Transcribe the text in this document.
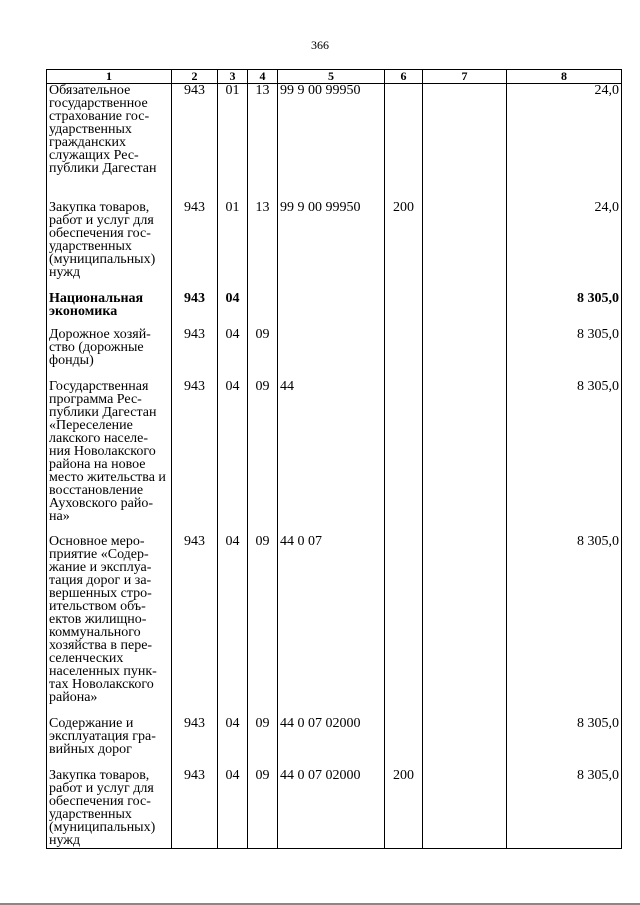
366
1	2	3	4	5	6	7	8
Обязательное государственное страхование гос-ударственных гражданских служащих Рес-публики Дагестан	943	01	13	99 9 00 99950			24,0
Закупка товаров, работ и услуг для обеспечения гос-ударственных (муниципальных) нужд	943	01	13	99 9 00 99950	200		24,0
Национальная экономика	943	04					8 305,0
Дорожное хозяй-ство (дорожные фонды)	943	04	09				8 305,0
Государственная программа Рес-публики Дагестан «Переселение лакского населе-ния Новолакского района на новое место жительства и восстановление Ауховского райо-на»	943	04	09	44			8 305,0
Основное меро-приятие «Содер-жание и эксплуа-тация дорог и за-вершенных стро-ительством объ-ектов жилищно-коммунального хозяйства в пере-селенческих населенных пунк-тах Новолакского района»	943	04	09	44 0 07			8 305,0
Содержание и эксплуатация гра-вийных дорог	943	04	09	44 0 07 02000			8 305,0
Закупка товаров, работ и услуг для обеспечения гос-ударственных (муниципальных) нужд	943	04	09	44 0 07 02000	200		8 305,0
